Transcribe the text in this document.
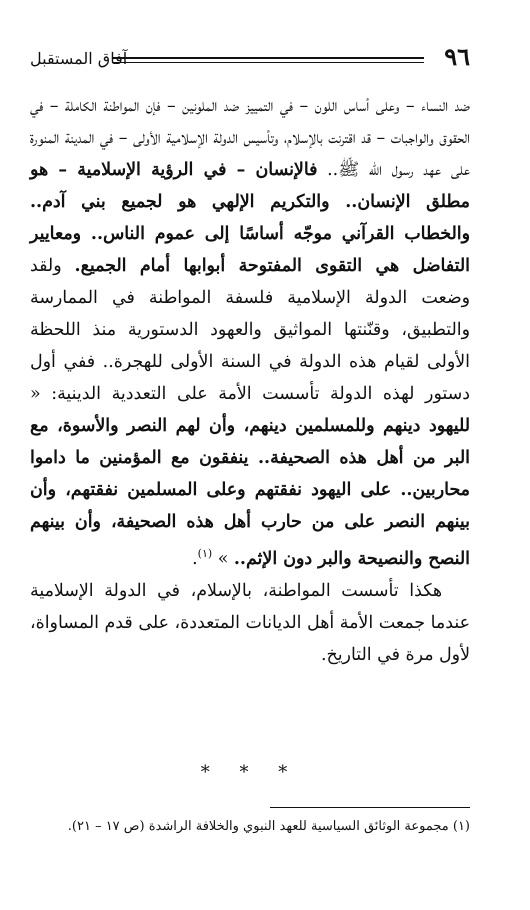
٩٦
آفاق المستقبل

ضد النساء – وعلى أساس اللون – في التمييز ضد الملونين – فإن المواطنة الكاملة – في الحقوق والواجبات – قد اقترنت بالإسلام، وتأسيس الدولة الإسلامية الأولى – في المدينة المنورة على عهد رسول الله ﷺ.. فالإنسان – في الرؤية الإسلامية – هو مطلق الإنسان.. والتكريم الإلهي هو لجميع بني آدم.. والخطاب القرآني موجّه أساسًا إلى عموم الناس.. ومعايير التفاضل هي التقوى المفتوحة أبوابها أمام الجميع. ولقد وضعت الدولة الإسلامية فلسفة المواطنة في الممارسة والتطبيق، وقنّنتها المواثيق والعهود الدستورية منذ اللحظة الأولى لقيام هذه الدولة في السنة الأولى للهجرة.. ففي أول دستور لهذه الدولة تأسست الأمة على التعددية الدينية: « لليهود دينهم وللمسلمين دينهم، وأن لهم النصر والأسوة، مع البر من أهل هذه الصحيفة.. ينفقون مع المؤمنين ما داموا محاربين.. على اليهود نفقتهم وعلى المسلمين نفقتهم، وأن بينهم النصر على من حارب أهل هذه الصحيفة، وأن بينهم النصح والنصيحة والبر دون الإثم.. » $^{(١)}$.

هكذا تأسست المواطنة، بالإسلام، في الدولة الإسلامية عندما جمعت الأمة أهل الديانات المتعددة، على قدم المساواة، لأول مرة في التاريخ.

* * *
(١) مجموعة الوثائق السياسية للعهد النبوي والخلافة الراشدة (ص ١٧ – ٢١).
